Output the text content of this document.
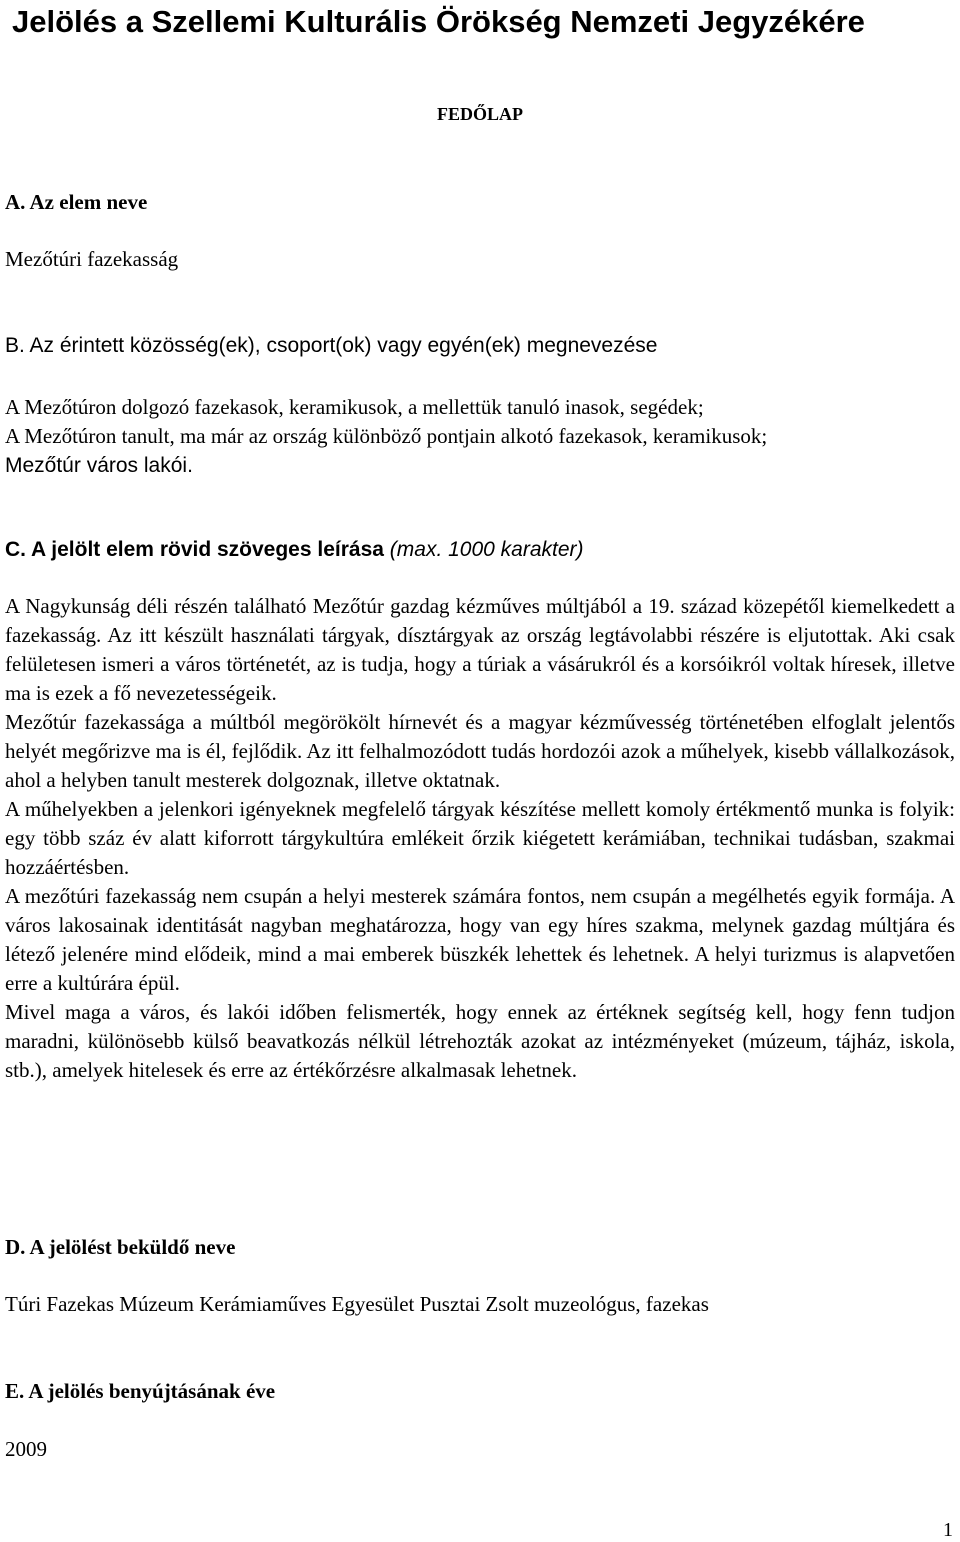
Jelölés a Szellemi Kulturális Örökség Nemzeti Jegyzékére
FEDŐLAP
A. Az elem neve
Mezőtúri fazekasság
B. Az érintett közösség(ek), csoport(ok) vagy egyén(ek) megnevezése
A Mezőtúron dolgozó fazekasok, keramikusok, a mellettük tanuló inasok, segédek;
A Mezőtúron tanult, ma már az ország különböző pontjain alkotó fazekasok, keramikusok;
Mezőtúr város lakói.
C. A jelölt elem rövid szöveges leírása (max. 1000 karakter)

A Nagykunság déli részén található Mezőtúr gazdag kézműves múltjából a 19. század közepétől kiemelkedett a fazekasság. Az itt készült használati tárgyak, dísztárgyak az ország legtávolabbi részére is eljutottak. Aki csak felületesen ismeri a város történetét, az is tudja, hogy a túriak a vásárukról és a korsóikról voltak híresek, illetve ma is ezek a fő nevezetességeik.

Mezőtúr fazekassága a múltból megörökölt hírnevét és a magyar kézművesség történetében elfoglalt jelentős helyét megőrizve ma is él, fejlődik. Az itt felhalmozódott tudás hordozói azok a műhelyek, kisebb vállalkozások, ahol a helyben tanult mesterek dolgoznak, illetve oktatnak.

A műhelyekben a jelenkori igényeknek megfelelő tárgyak készítése mellett komoly értékmentő munka is folyik: egy több száz év alatt kiforrott tárgykultúra emlékeit őrzik kiégetett kerámiában, technikai tudásban, szakmai hozzáértésben.

A mezőtúri fazekasság nem csupán a helyi mesterek számára fontos, nem csupán a megélhetés egyik formája. A város lakosainak identitását nagyban meghatározza, hogy van egy híres szakma, melynek gazdag múltjára és létező jelenére mind elődeik, mind a mai emberek büszkék lehettek és lehetnek. A helyi turizmus is alapvetően erre a kultúrára épül.

Mivel maga a város, és lakói időben felismerték, hogy ennek az értéknek segítség kell, hogy fenn tudjon maradni, különösebb külső beavatkozás nélkül létrehozták azokat az intézményeket (múzeum, tájház, iskola, stb.), amelyek hitelesek és erre az értékőrzésre alkalmasak lehetnek.

D. A jelölést beküldő neve
Túri Fazekas Múzeum Kerámiaműves Egyesület Pusztai Zsolt muzeológus, fazekas
E. A jelölés benyújtásának éve
2009
1
